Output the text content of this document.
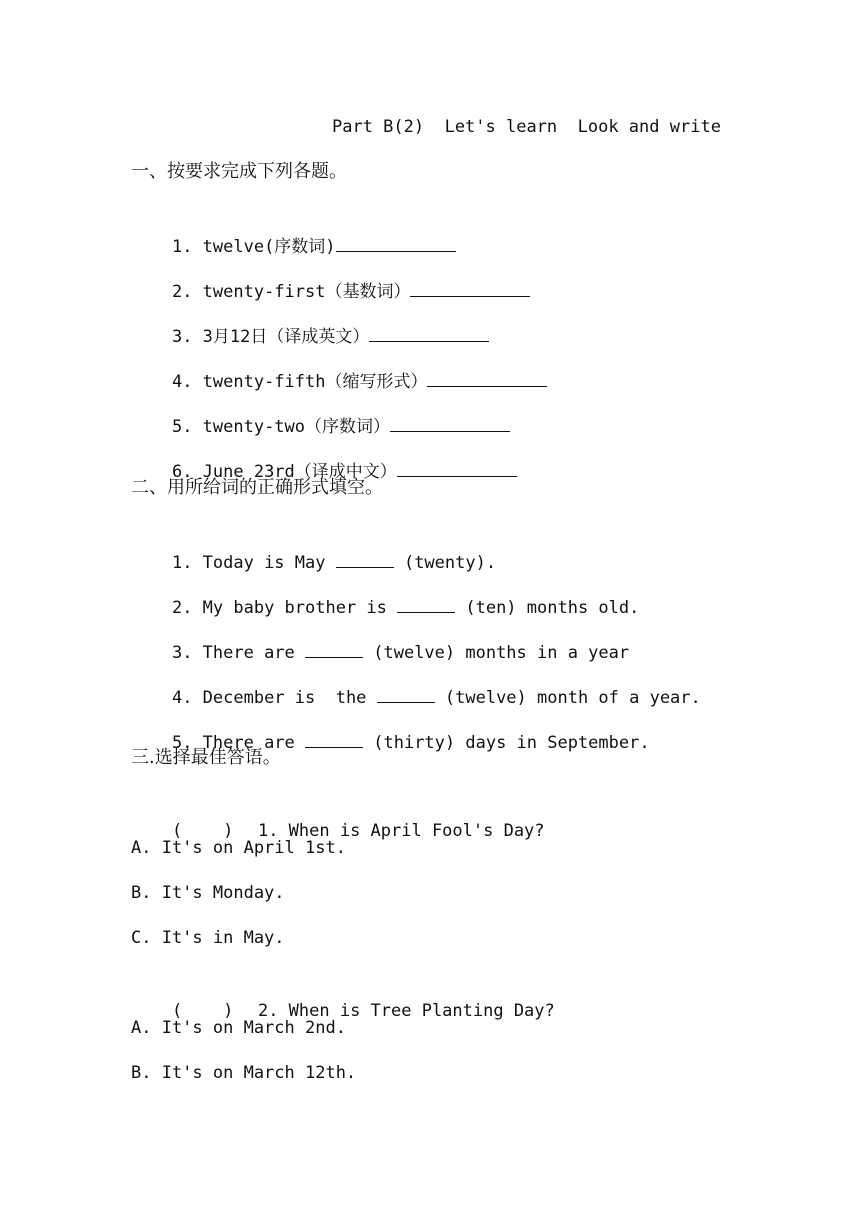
Part B(2)  Let's learn  Look and write
一、按要求完成下列各题。

1. twelve(序数词)

2. twenty-first（基数词）

3. 3月12日（译成英文）

4. twenty-fifth（缩写形式）

5. twenty-two（序数词）

6. June 23rd（译成中文）

二、用所给词的正确形式填空。

1. Today is May	(twenty).

2. My baby brother is	(ten) months old.

3. There are	(twelve) months in a year

4. December is  the	(twelve) month of a year.

5. There are	(thirty) days in September.

三.选择最佳答语。

(    ) 1. When is April Fool's Day?

A. It's on April 1st.
B. It's Monday.
C. It's in May.

(    ) 2. When is Tree Planting Day?

A. It's on March 2nd.
B. It's on March 12th.
